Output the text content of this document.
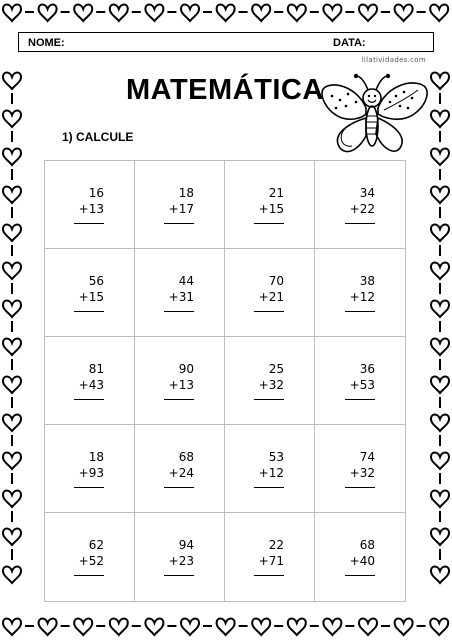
NOME:	DATA:
lilatividades.com
MATEMÁTICA
1) CALCULE
16
+13
18
+17
21
+15
34
+22
56
+15
44
+31
70
+21
38
+12
81
+43
90
+13
25
+32
36
+53
18
+93
68
+24
53
+12
74
+32
62
+52
94
+23
22
+71
68
+40
